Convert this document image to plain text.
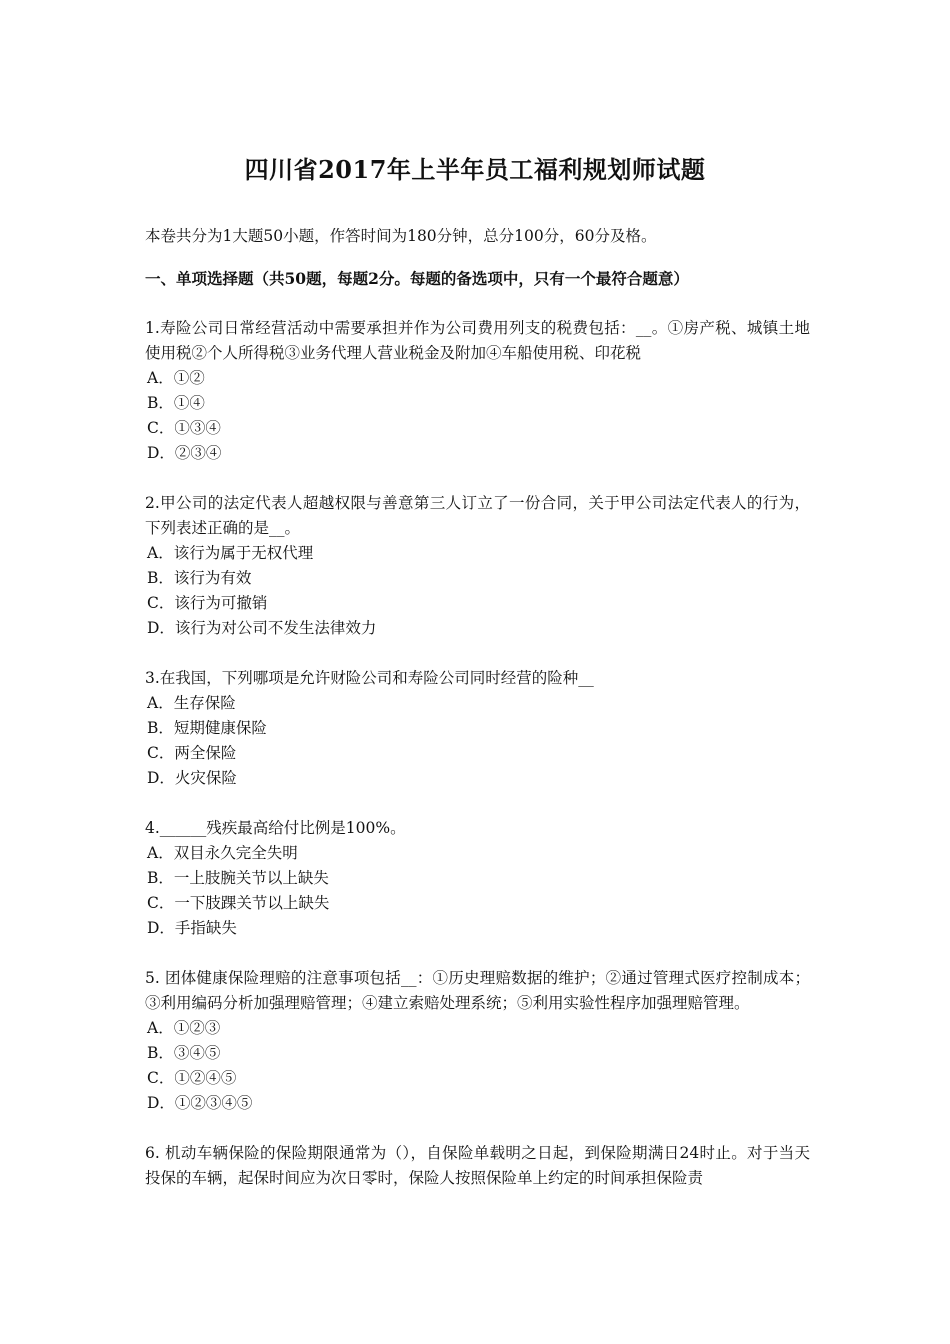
四川省2017年上半年员工福利规划师试题

本卷共分为1大题50小题，作答时间为180分钟，总分100分，60分及格。

一、单项选择题（共50题，每题2分。每题的备选项中，只有一个最符合题意）

1.寿险公司日常经营活动中需要承担并作为公司费用列支的税费包括：__。①房产税、城镇土地使用税②个人所得税③业务代理人营业税金及附加④车船使用税、印花税

A．①②
B．①④
C．①③④
D．②③④

2.甲公司的法定代表人超越权限与善意第三人订立了一份合同，关于甲公司法定代表人的行为，下列表述正确的是__。

A．该行为属于无权代理
B．该行为有效
C．该行为可撤销
D．该行为对公司不发生法律效力

3.在我国，下列哪项是允许财险公司和寿险公司同时经营的险种__

A．生存保险
B．短期健康保险
C．两全保险
D．火灾保险

4.______残疾最高给付比例是100%。

A．双目永久完全失明
B．一上肢腕关节以上缺失
C．一下肢踝关节以上缺失
D．手指缺失

5. 团体健康保险理赔的注意事项包括__：①历史理赔数据的维护；②通过管理式医疗控制成本；③利用编码分析加强理赔管理；④建立索赔处理系统；⑤利用实验性程序加强理赔管理。

A．①②③
B．③④⑤
C．①②④⑤
D．①②③④⑤

6. 机动车辆保险的保险期限通常为（），自保险单载明之日起，到保险期满日24时止。对于当天投保的车辆，起保时间应为次日零时，保险人按照保险单上约定的时间承担保险责
